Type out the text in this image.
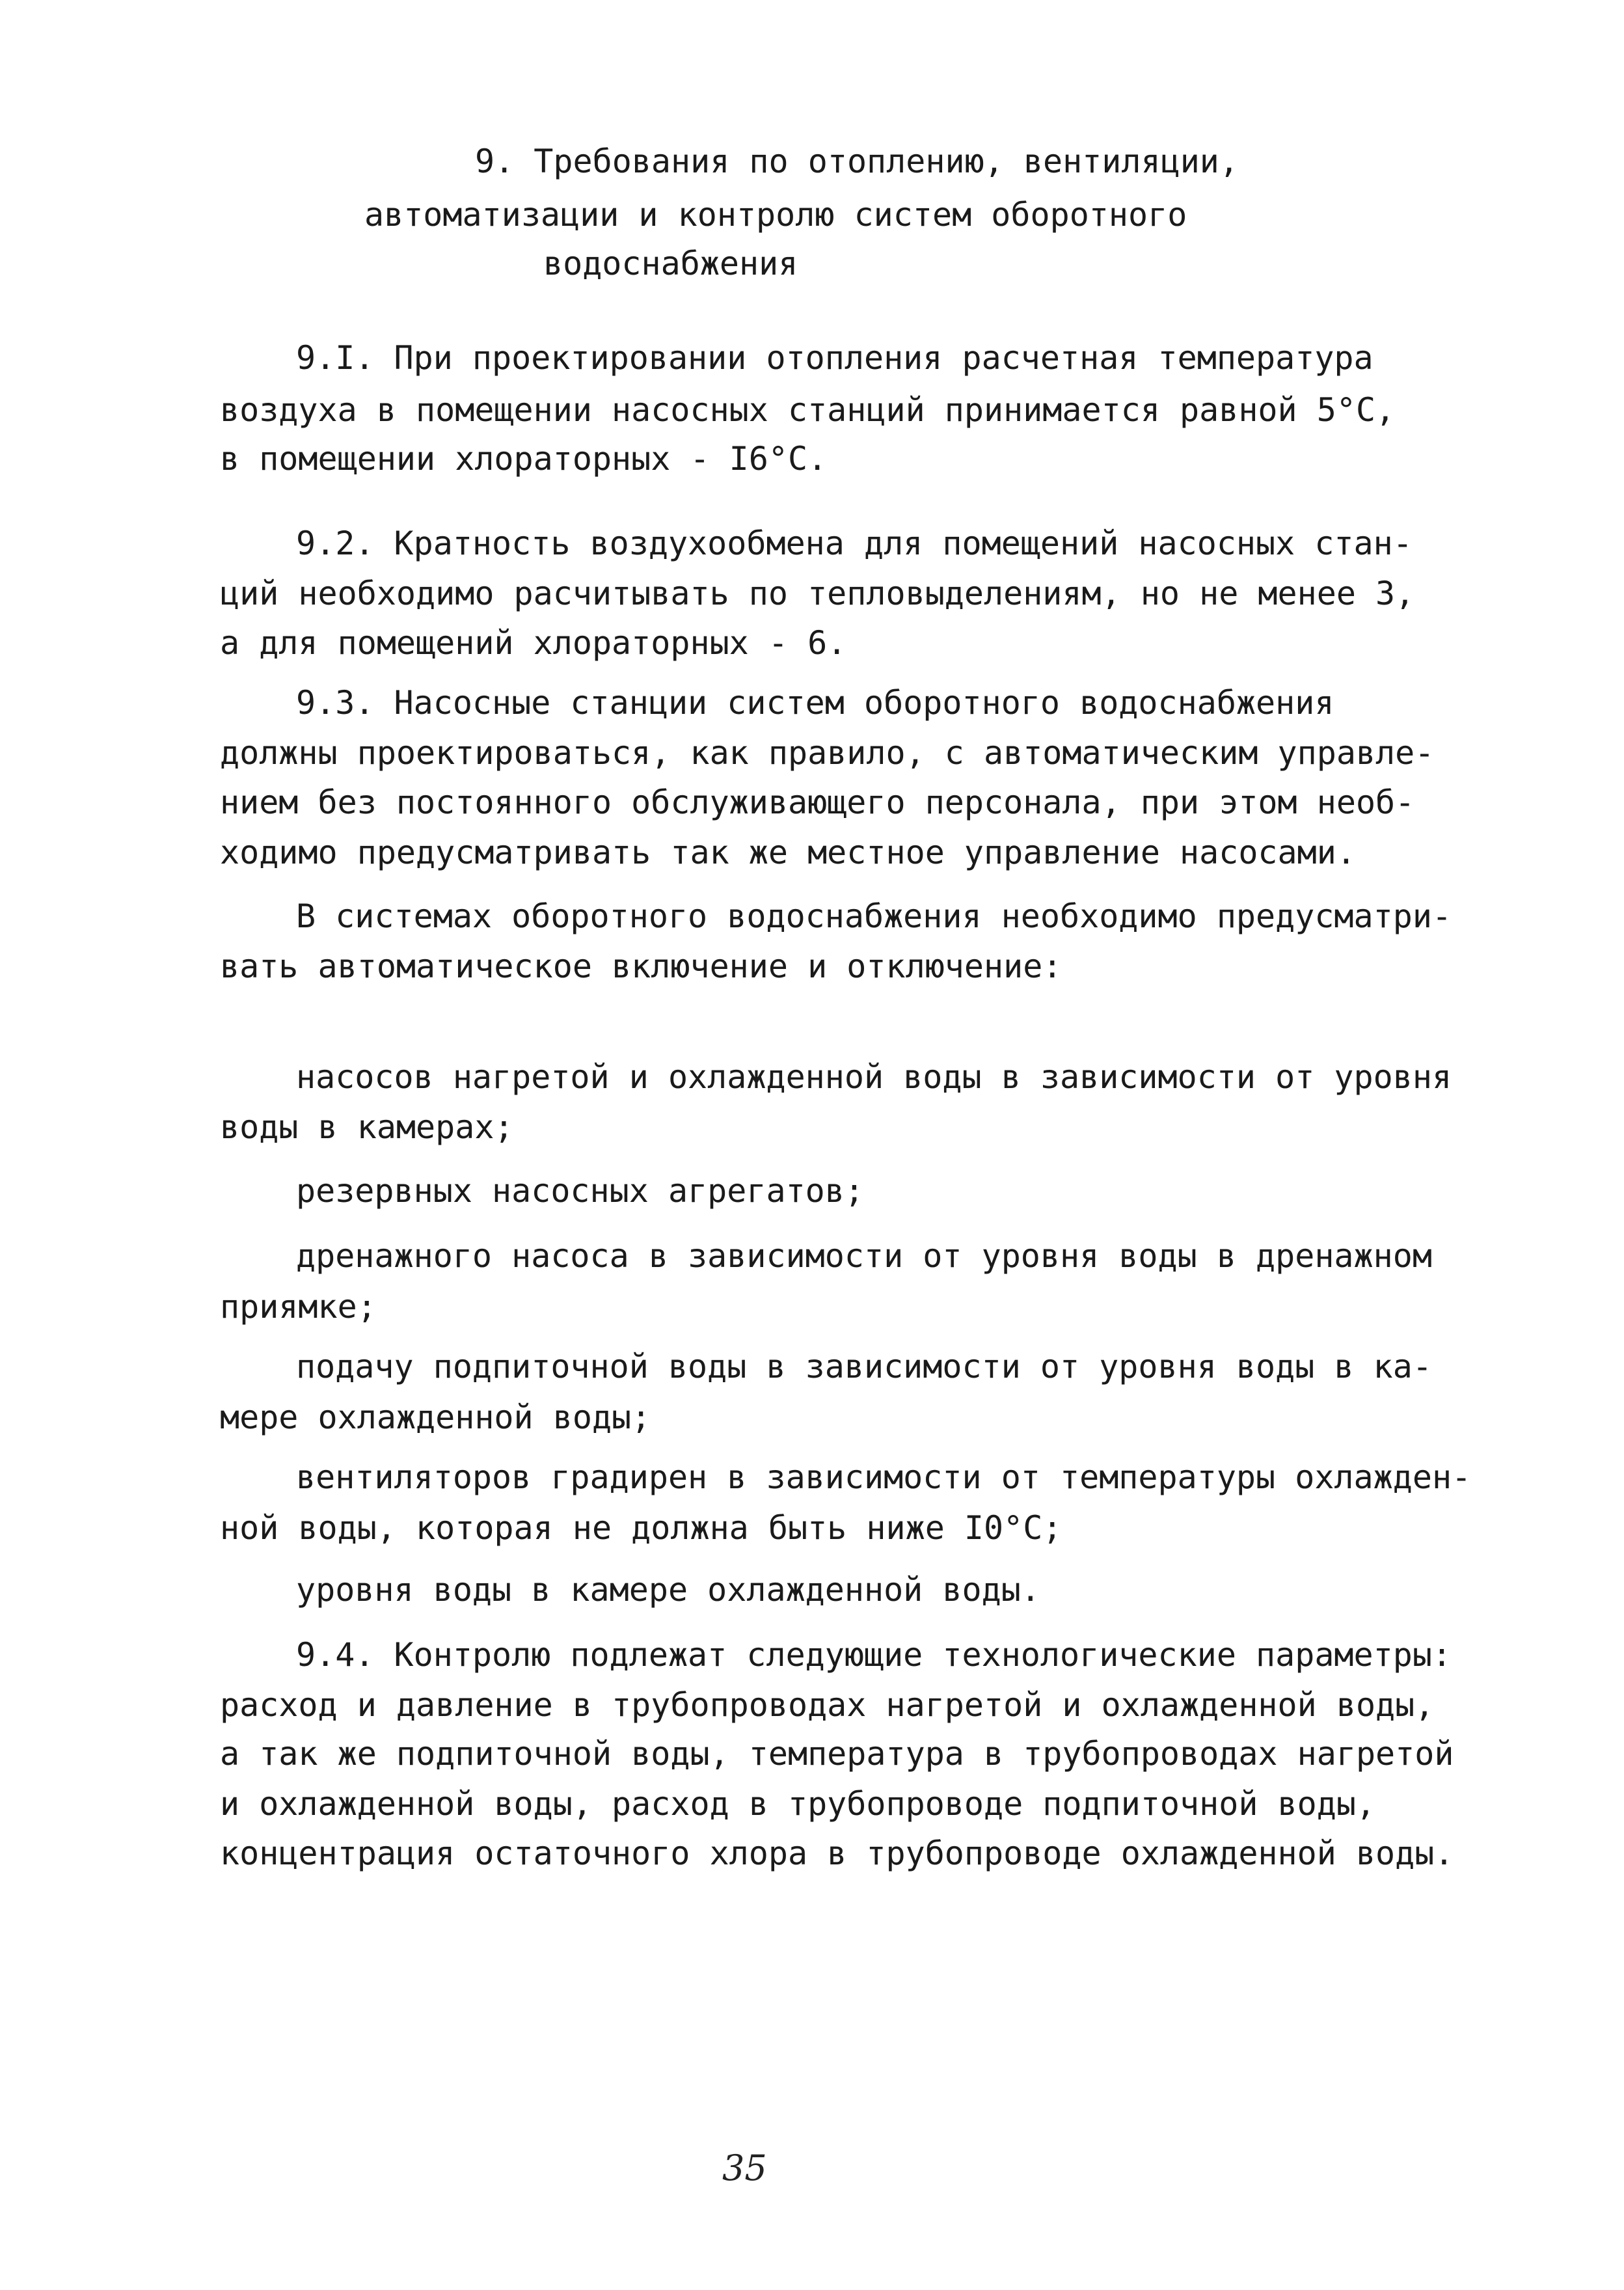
9. Требования по отоплению, вентиляции,
автоматизации и контролю систем оборотного
водоснабжения
9.I. При проектировании отопления расчетная температура
воздуха в помещении насосных станций принимается равной 5°С,
в помещении хлораторных - I6°С.
9.2. Кратность воздухообмена для помещений насосных стан-
ций необходимо расчитывать по тепловыделениям, но не менее 3,
а для помещений хлораторных - 6.
9.3. Насосные станции систем оборотного водоснабжения
должны проектироваться, как правило, с автоматическим управле-
нием без постоянного обслуживающего персонала, при этом необ-
ходимо предусматривать так же местное управление насосами.
В системах оборотного водоснабжения необходимо предусматри-
вать автоматическое включение и отключение:
насосов нагретой и охлажденной воды в зависимости от уровня
воды в камерах;
резервных насосных агрегатов;
дренажного насоса в зависимости от уровня воды в дренажном
приямке;
подачу подпиточной воды в зависимости от уровня воды в ка-
мере охлажденной воды;
вентиляторов градирен в зависимости от температуры охлажден-
ной воды, которая не должна быть ниже I0°С;
уровня воды в камере охлажденной воды.
9.4. Контролю подлежат следующие технологические параметры:
расход и давление в трубопроводах нагретой и охлажденной воды,
а так же подпиточной воды, температура в трубопроводах нагретой
и охлажденной воды, расход в трубопроводе подпиточной воды,
концентрация остаточного хлора в трубопроводе охлажденной воды.
35
